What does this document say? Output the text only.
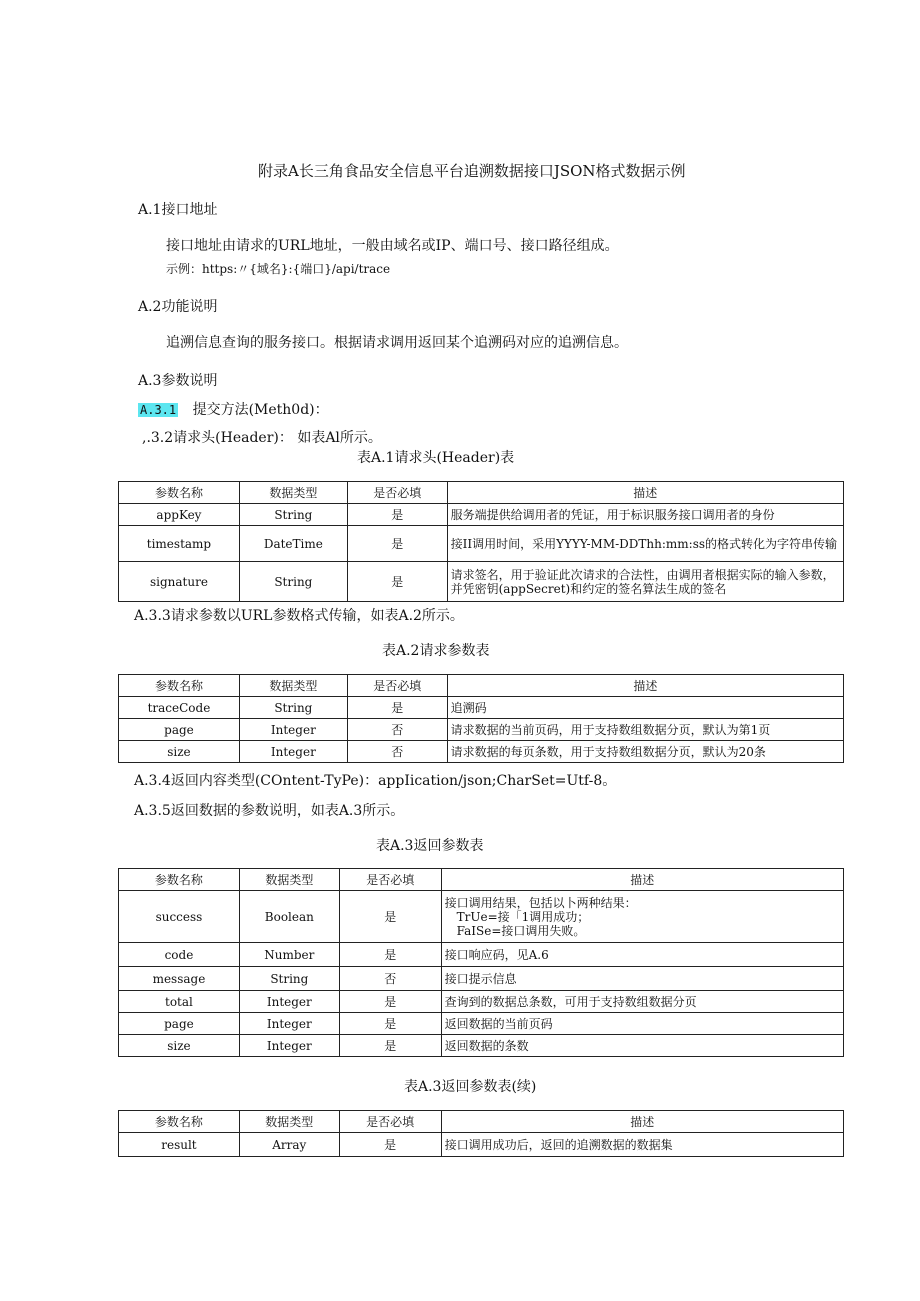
附录A长三角食品安全信息平台追溯数据接口JSON格式数据示例
A.1接口地址
接口地址由请求的URL地址，一般由域名或IP、端口号、接口路径组成。
示例：https:〃{域名}:{端口}/api/trace
A.2功能说明
追溯信息查询的服务接口。根据请求调用返回某个追溯码对应的追溯信息。
A.3参数说明
A.3.1 提交方法(Meth0d)：
,.3.2请求头(Header)： 如表Al所示。
表A.1请求头(Header)表
参数名称	数据类型	是否必填	描述
appKey	String	是	服务端提供给调用者的凭证，用于标识服务接口调用者的身份
timestamp	DateTime	是	接II调用时间，采用YYYY-MM-DDThh:mm:ss的格式转化为字符串传输
signature	String	是	请求签名，用于验证此次请求的合法性，由调用者根据实际的输入参数，并凭密钥(appSecret)和约定的签名算法生成的签名
A.3.3请求参数以URL参数格式传输，如表A.2所示。
表A.2请求参数表
参数名称	数据类型	是否必填	描述
traceCode	String	是	追溯码
page	Integer	否	请求数据的当前页码，用于支持数组数据分页，默认为第1页
size	Integer	否	请求数据的每页条数，用于支持数组数据分页，默认为20条
A.3.4返回内容类型(COntent-TyPe)：appIication/json;CharSet=Utf-8。
A.3.5返回数据的参数说明，如表A.3所示。
表A.3返回参数表
参数名称	数据类型	是否必填	描述
success	Boolean	是	接口调用结果，包括以卜两种结果：
TrUe=接「1调用成功；
FaISe=接口调用失败。

code	Number	是	接口响应码，见A.6
message	String	否	接口提示信息
total	Integer	是	查询到的数据总条数，可用于支持数组数据分页
page	Integer	是	返回数据的当前页码
size	Integer	是	返回数据的条数
表A.3返回参数表(续)
参数名称	数据类型	是否必填	描述
result	Array	是	接口调用成功后，返回的追溯数据的数据集
